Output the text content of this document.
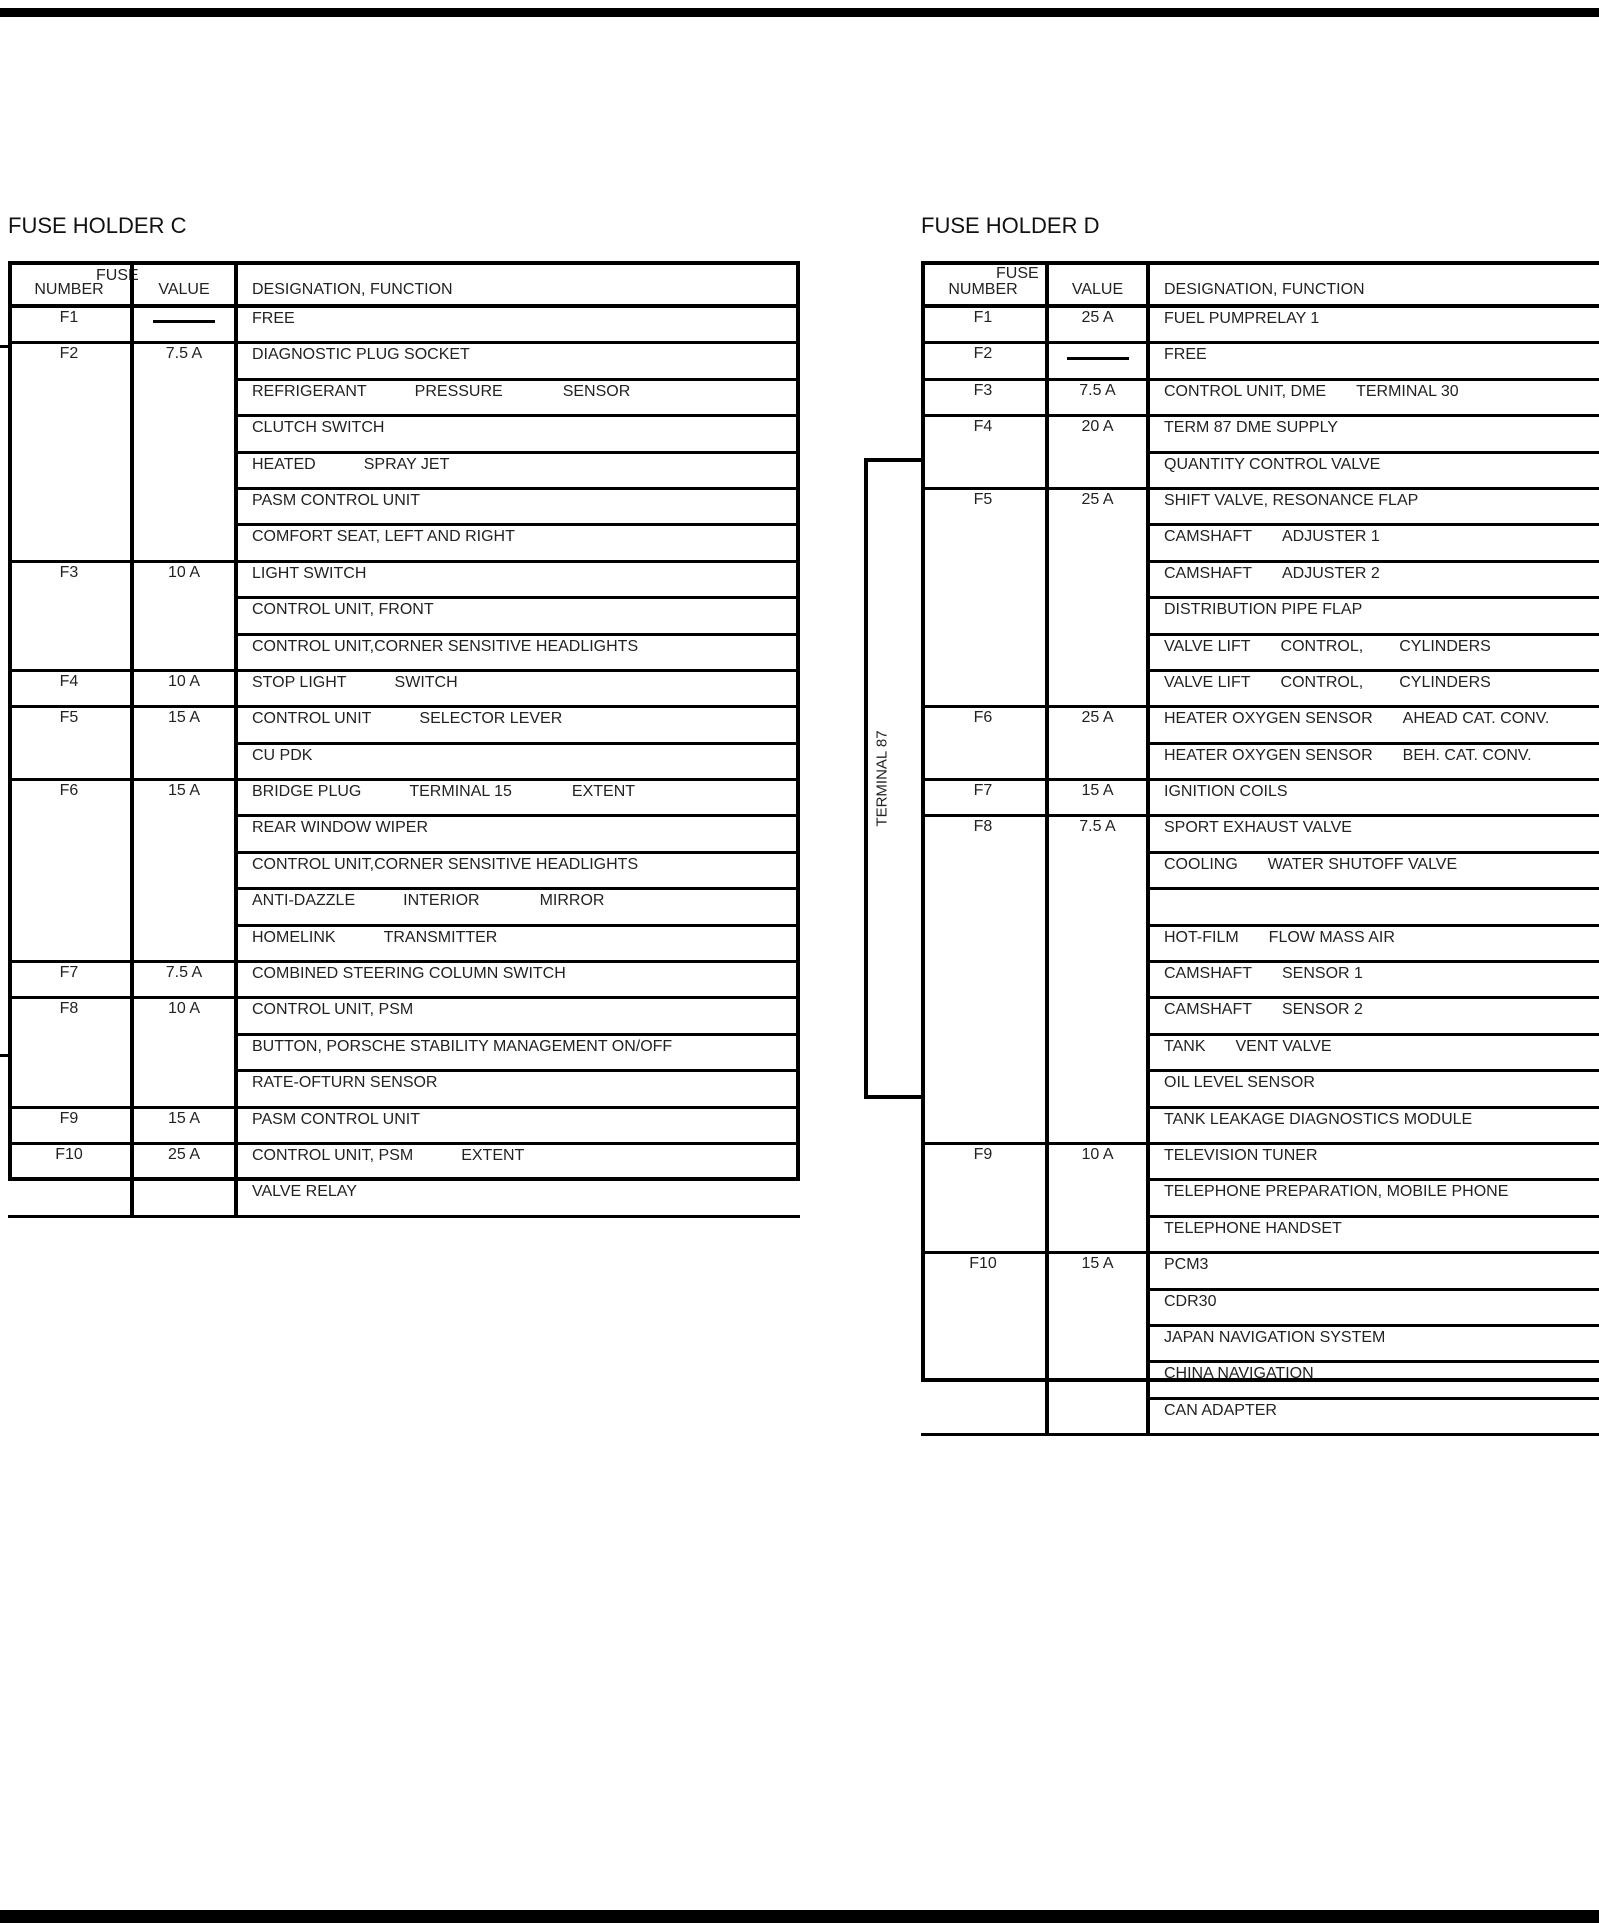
FUSE HOLDER C
FUSE
NUMBER	VALUE	DESIGNATION, FUNCTION
F1		FREE
F2	7.5 A	DIAGNOSTIC PLUG SOCKET
		REFRIGERANT PRESSURE SENSOR
		CLUTCH SWITCH
		HEATED SPRAY JET
		PASM CONTROL UNIT
		COMFORT SEAT, LEFT AND RIGHT
F3	10 A	LIGHT SWITCH
		CONTROL UNIT, FRONT
		CONTROL UNIT,CORNER SENSITIVE HEADLIGHTS
F4	10 A	STOP LIGHT SWITCH
F5	15 A	CONTROL UNIT SELECTOR LEVER
		CU PDK
F6	15 A	BRIDGE PLUG TERMINAL 15 EXTENT
		REAR WINDOW WIPER
		CONTROL UNIT,CORNER SENSITIVE HEADLIGHTS
		ANTI-DAZZLE INTERIOR MIRROR
		HOMELINK TRANSMITTER
F7	7.5 A	COMBINED STEERING COLUMN SWITCH
F8	10 A	CONTROL UNIT, PSM
		BUTTON, PORSCHE STABILITY MANAGEMENT ON/OFF
		RATE-OFTURN SENSOR
F9	15 A	PASM CONTROL UNIT
F10	25 A	CONTROL UNIT, PSM EXTENT
		VALVE RELAY
FUSE HOLDER D
FUSE
TERMINAL 87
NUMBER	VALUE	DESIGNATION, FUNCTION
F1	25 A	FUEL PUMPRELAY 1
F2		FREE
F3	7.5 A	CONTROL UNIT, DME TERMINAL 30
F4	20 A	TERM 87 DME SUPPLY
		QUANTITY CONTROL VALVE
F5	25 A	SHIFT VALVE, RESONANCE FLAP
		CAMSHAFT ADJUSTER 1
		CAMSHAFT ADJUSTER 2
		DISTRIBUTION PIPE FLAP
		VALVE LIFT CONTROL, CYLINDERS
		VALVE LIFT CONTROL, CYLINDERS
F6	25 A	HEATER OXYGEN SENSOR AHEAD CAT. CONV.
		HEATER OXYGEN SENSOR BEH. CAT. CONV.
F7	15 A	IGNITION COILS
F8	7.5 A	SPORT EXHAUST VALVE
		COOLING WATER SHUTOFF VALVE

		HOT-FILM FLOW MASS AIR
		CAMSHAFT SENSOR 1
		CAMSHAFT SENSOR 2
		TANK VENT VALVE
		OIL LEVEL SENSOR
		TANK LEAKAGE DIAGNOSTICS MODULE
F9	10 A	TELEVISION TUNER
		TELEPHONE PREPARATION, MOBILE PHONE
		TELEPHONE HANDSET
F10	15 A	PCM3
		CDR30
		JAPAN NAVIGATION SYSTEM
		CHINA NAVIGATION
		CAN ADAPTER
